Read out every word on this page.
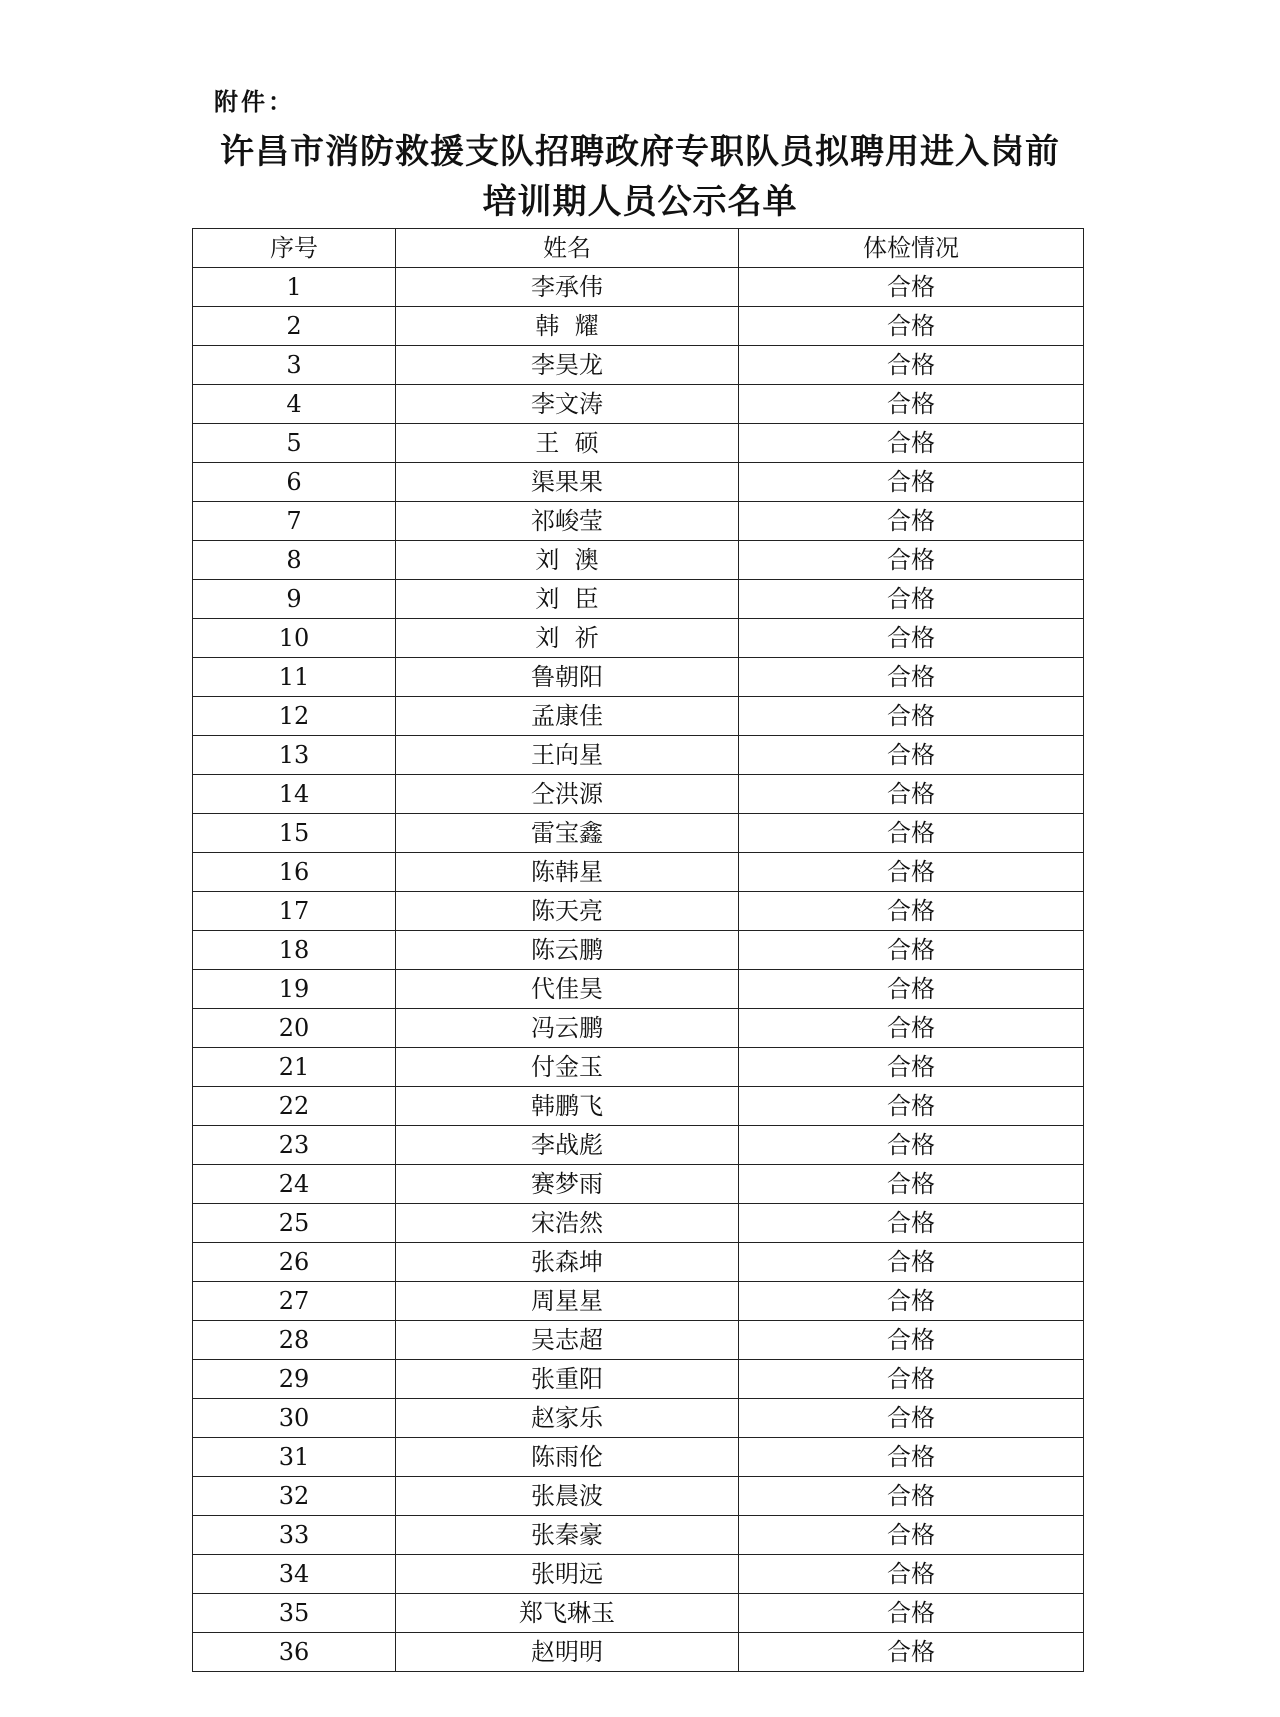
附件：
许昌市消防救援支队招聘政府专职队员拟聘用进入岗前
培训期人员公示名单
序号	姓名	体检情况
1	李承伟	合格
2	韩  耀	合格
3	李昊龙	合格
4	李文涛	合格
5	王  硕	合格
6	渠果果	合格
7	祁峻莹	合格
8	刘  澳	合格
9	刘  臣	合格
10	刘  祈	合格
11	鲁朝阳	合格
12	孟康佳	合格
13	王向星	合格
14	仝洪源	合格
15	雷宝鑫	合格
16	陈韩星	合格
17	陈天亮	合格
18	陈云鹏	合格
19	代佳昊	合格
20	冯云鹏	合格
21	付金玉	合格
22	韩鹏飞	合格
23	李战彪	合格
24	赛梦雨	合格
25	宋浩然	合格
26	张森坤	合格
27	周星星	合格
28	吴志超	合格
29	张重阳	合格
30	赵家乐	合格
31	陈雨伦	合格
32	张晨波	合格
33	张秦豪	合格
34	张明远	合格
35	郑飞琳玉	合格
36	赵明明	合格
